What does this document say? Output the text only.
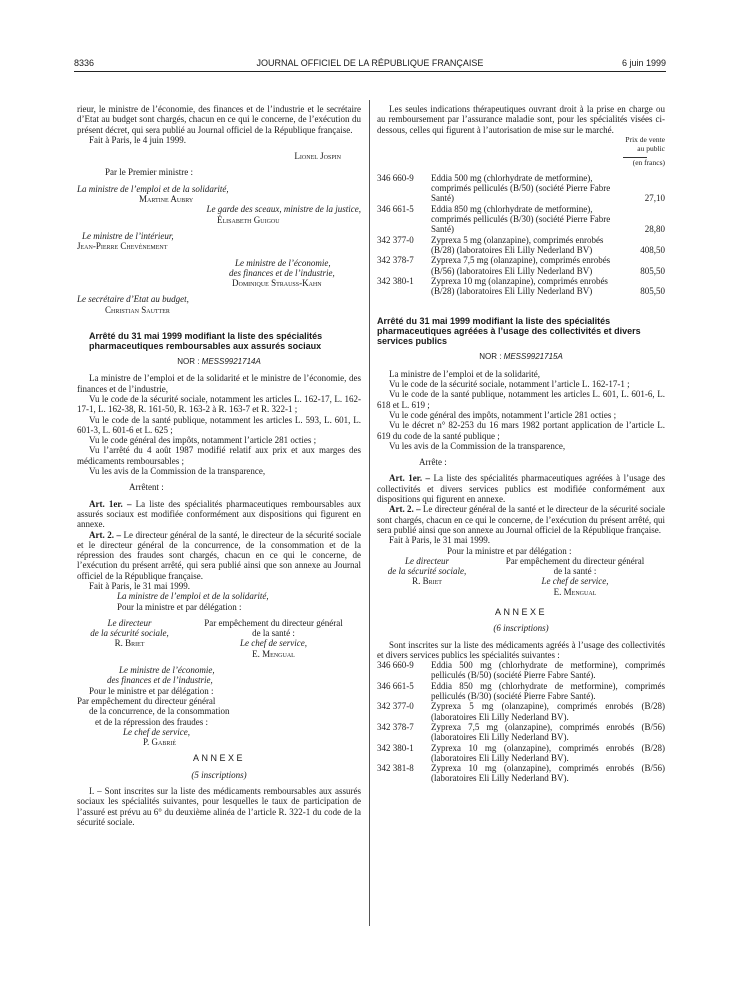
8336	JOURNAL OFFICIEL DE LA RÉPUBLIQUE FRANÇAISE	6 juin 1999

rieur, le ministre de l’économie, des finances et de l’industrie et le secrétaire d’Etat au budget sont chargés, chacun en ce qui le concerne, de l’exécution du présent décret, qui sera publié au Journal officiel de la République française.

Fait à Paris, le 4 juin 1999.

Lionel Jospin

Par le Premier ministre :

La ministre de l’emploi et de la solidarité,

Martine Aubry

Le garde des sceaux, ministre de la justice,

Élisabeth Guigou

Le ministre de l’intérieur,

Jean-Pierre Chevènement

Le ministre de l’économie,

des finances et de l’industrie,

Dominique Strauss-Kahn

Le secrétaire d’Etat au budget,

Christian Sautter

Arrêté du 31 mai 1999 modifiant la liste des spécialités pharmaceutiques remboursables aux assurés sociaux

NOR : MESS9921714A

La ministre de l’emploi et de la solidarité et le ministre de l’économie, des finances et de l’industrie,

Vu le code de la sécurité sociale, notamment les articles L. 162-17, L. 162-17-1, L. 162-38, R. 161-50, R. 163-2 à R. 163-7 et R. 322-1 ;

Vu le code de la santé publique, notamment les articles L. 593, L. 601, L. 601-3, L. 601-6 et L. 625 ;

Vu le code général des impôts, notamment l’article 281 octies ;

Vu l’arrêté du 4 août 1987 modifié relatif aux prix et aux marges des médicaments remboursables ;

Vu les avis de la Commission de la transparence,

Arrêtent :

Art. 1er. – La liste des spécialités pharmaceutiques remboursables aux assurés sociaux est modifiée conformément aux dispositions qui figurent en annexe.

Art. 2. – Le directeur général de la santé, le directeur de la sécurité sociale et le directeur général de la concurrence, de la consommation et de la répression des fraudes sont chargés, chacun en ce qui le concerne, de l’exécution du présent arrêté, qui sera publié ainsi que son annexe au Journal officiel de la République française.

Fait à Paris, le 31 mai 1999.

La ministre de l’emploi et de la solidarité,

Pour la ministre et par délégation :

Le directeur

de la sécurité sociale,

R. Briet

Par empêchement du directeur général

de la santé :

Le chef de service,

E. Mengual

Le ministre de l’économie,

des finances et de l’industrie,

Pour le ministre et par délégation :

Par empêchement du directeur général

de la concurrence, de la consommation

et de la répression des fraudes :

Le chef de service,

P. Gabrié

ANNEXE

(5 inscriptions)

I. – Sont inscrites sur la liste des médicaments remboursables aux assurés sociaux les spécialités suivantes, pour lesquelles le taux de participation de l’assuré est prévu au 6° du deuxième alinéa de l’article R. 322-1 du code de la sécurité sociale.

Les seules indications thérapeutiques ouvrant droit à la prise en charge ou au remboursement par l’assurance maladie sont, pour les spécialités visées ci-dessous, celles qui figurent à l’autorisation de mise sur le marché.

Prix de vente
au public
(en francs)
346 660-9	Eddia 500 mg (chlorhydrate de metformine), comprimés pelliculés (B/50) (société Pierre Fabre Santé)	27,10
346 661-5	Eddia 850 mg (chlorhydrate de metformine), comprimés pelliculés (B/30) (société Pierre Fabre Santé)	28,80
342 377-0	Zyprexa 5 mg (olanzapine), comprimés enrobés (B/28) (laboratoires Eli Lilly Nederland BV)	408,50
342 378-7	Zyprexa 7,5 mg (olanzapine), comprimés enrobés (B/56) (laboratoires Eli Lilly Nederland BV)	805,50
342 380-1	Zyprexa 10 mg (olanzapine), comprimés enrobés (B/28) (laboratoires Eli Lilly Nederland BV)	805,50

Arrêté du 31 mai 1999 modifiant la liste des spécialités pharmaceutiques agréées à l’usage des collectivités et divers services publics

NOR : MESS9921715A

La ministre de l’emploi et de la solidarité,

Vu le code de la sécurité sociale, notamment l’article L. 162-17-1 ;

Vu le code de la santé publique, notamment les articles L. 601, L. 601-6, L. 618 et L. 619 ;

Vu le code général des impôts, notamment l’article 281 octies ;

Vu le décret n° 82-253 du 16 mars 1982 portant application de l’article L. 619 du code de la santé publique ;

Vu les avis de la Commission de la transparence,

Arrête :

Art. 1er. – La liste des spécialités pharmaceutiques agréées à l’usage des collectivités et divers services publics est modifiée conformément aux dispositions qui figurent en annexe.

Art. 2. – Le directeur général de la santé et le directeur de la sécurité sociale sont chargés, chacun en ce qui le concerne, de l’exécution du présent arrêté, qui sera publié ainsi que son annexe au Journal officiel de la République française.

Fait à Paris, le 31 mai 1999.

Pour la ministre et par délégation :

Le directeur

de la sécurité sociale,

R. Briet

Par empêchement du directeur général

de la santé :

Le chef de service,

E. Mengual

ANNEXE

(6 inscriptions)

Sont inscrites sur la liste des médicaments agréés à l’usage des collectivités et divers services publics les spécialités suivantes :

346 660-9	Eddia 500 mg (chlorhydrate de metformine), comprimés pelliculés (B/50) (société Pierre Fabre Santé).
346 661-5	Eddia 850 mg (chlorhydrate de metformine), comprimés pelliculés (B/30) (société Pierre Fabre Santé).
342 377-0	Zyprexa 5 mg (olanzapine), comprimés enrobés (B/28) (laboratoires Eli Lilly Nederland BV).
342 378-7	Zyprexa 7,5 mg (olanzapine), comprimés enrobés (B/56) (laboratoires Eli Lilly Nederland BV).
342 380-1	Zyprexa 10 mg (olanzapine), comprimés enrobés (B/28) (laboratoires Eli Lilly Nederland BV).
342 381-8	Zyprexa 10 mg (olanzapine), comprimés enrobés (B/56) (laboratoires Eli Lilly Nederland BV).
